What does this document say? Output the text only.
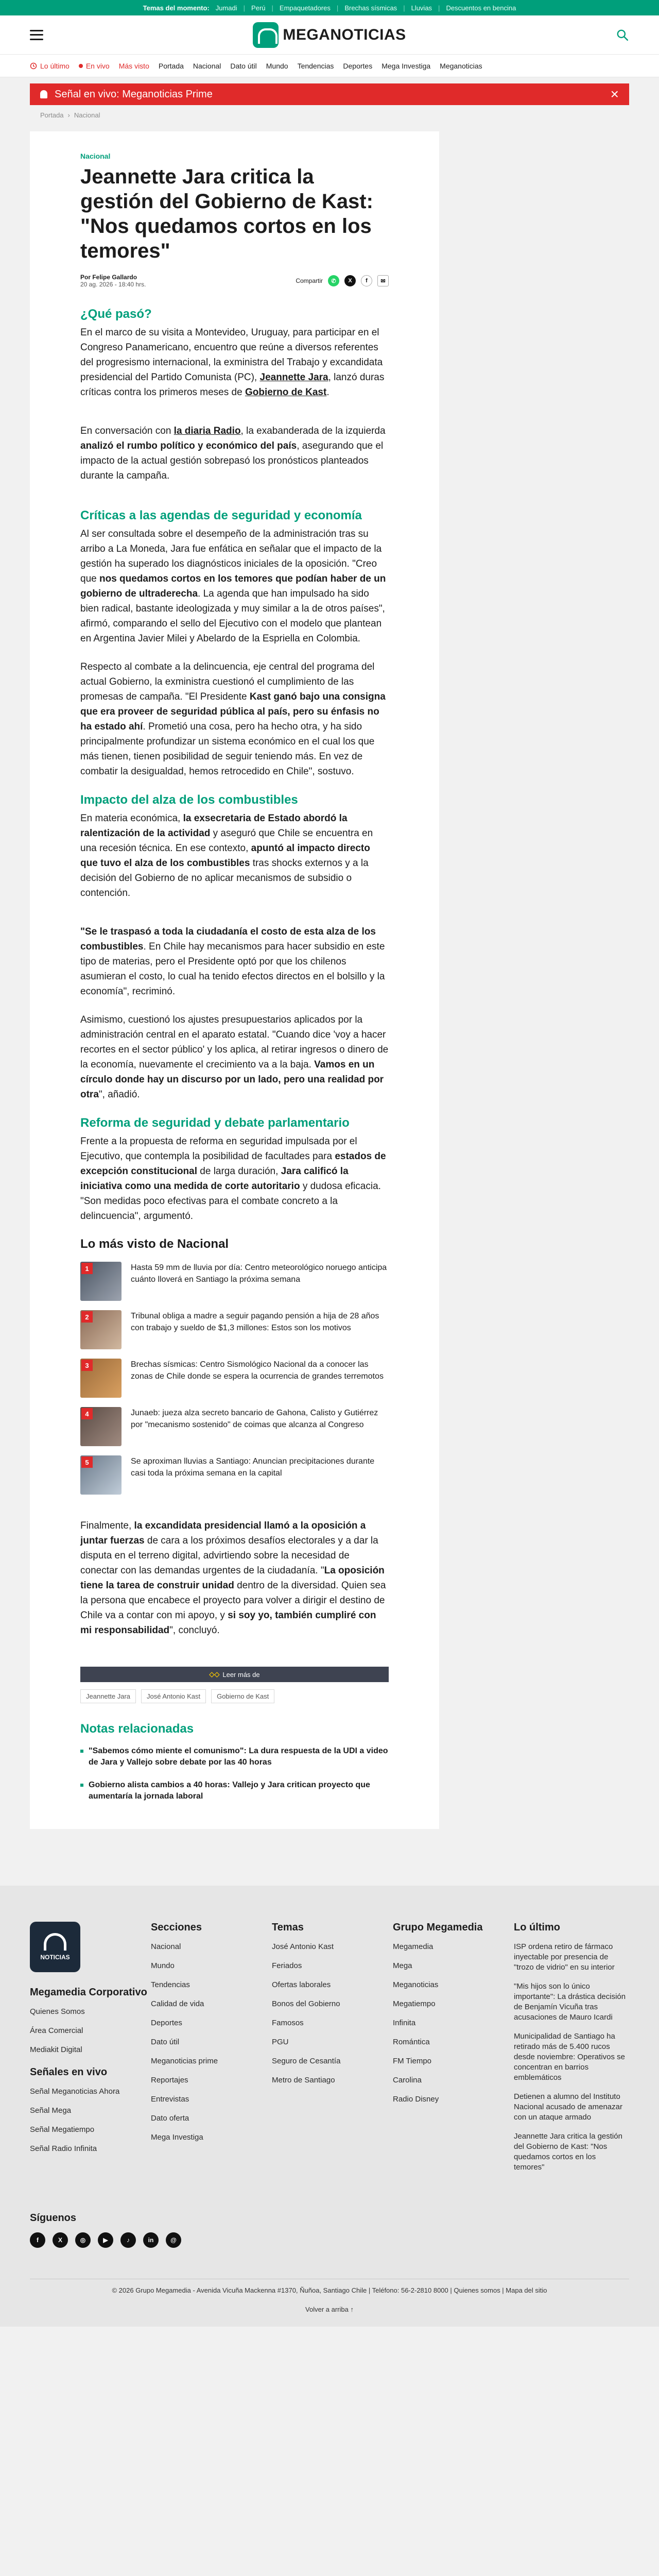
Temas del momento: Jumadi | Perú | Empaquetadores | Brechas sísmicas | Lluvias | Descuentos en bencina
MEGANOTICIAS
Lo último En vivo Más visto Portada Nacional Dato útil Mundo Tendencias Deportes Mega Investiga Meganoticias
Señal en vivo: Meganoticias Prime	×
Portada › Nacional
Nacional
Jeannette Jara critica la gestión del Gobierno de Kast: "Nos quedamos cortos en los temores"
Por Felipe Gallardo
20 ag. 2026 - 18:40 hrs.	Compartir	✆	X	f	✉
¿Qué pasó?

En el marco de su visita a Montevideo, Uruguay, para participar en el Congreso Panamericano, encuentro que reúne a diversos referentes del progresismo internacional, la exministra del Trabajo y excandidata presidencial del Partido Comunista (PC), Jeannette Jara, lanzó duras críticas contra los primeros meses de Gobierno de Kast.

En conversación con la diaria Radio, la exabanderada de la izquierda analizó el rumbo político y económico del país, asegurando que el impacto de la actual gestión sobrepasó los pronósticos planteados durante la campaña.

Críticas a las agendas de seguridad y economía

Al ser consultada sobre el desempeño de la administración tras su arribo a La Moneda, Jara fue enfática en señalar que el impacto de la gestión ha superado los diagnósticos iniciales de la oposición. "Creo que nos quedamos cortos en los temores que podían haber de un gobierno de ultraderecha. La agenda que han impulsado ha sido bien radical, bastante ideologizada y muy similar a la de otros países", afirmó, comparando el sello del Ejecutivo con el modelo que plantean en Argentina Javier Milei y Abelardo de la Espriella en Colombia.

Respecto al combate a la delincuencia, eje central del programa del actual Gobierno, la exministra cuestionó el cumplimiento de las promesas de campaña. "El Presidente Kast ganó bajo una consigna que era proveer de seguridad pública al país, pero su énfasis no ha estado ahí. Prometió una cosa, pero ha hecho otra, y ha sido principalmente profundizar un sistema económico en el cual los que más tienen, tienen posibilidad de seguir teniendo más. En vez de combatir la desigualdad, hemos retrocedido en Chile", sostuvo.

Impacto del alza de los combustibles

En materia económica, la exsecretaria de Estado abordó la ralentización de la actividad y aseguró que Chile se encuentra en una recesión técnica. En ese contexto, apuntó al impacto directo que tuvo el alza de los combustibles tras shocks externos y a la decisión del Gobierno de no aplicar mecanismos de subsidio o contención.

"Se le traspasó a toda la ciudadanía el costo de esta alza de los combustibles. En Chile hay mecanismos para hacer subsidio en este tipo de materias, pero el Presidente optó por que los chilenos asumieran el costo, lo cual ha tenido efectos directos en el bolsillo y la economía", recriminó.

Asimismo, cuestionó los ajustes presupuestarios aplicados por la administración central en el aparato estatal. "Cuando dice 'voy a hacer recortes en el sector público' y los aplica, al retirar ingresos o dinero de la economía, nuevamente el crecimiento va a la baja. Vamos en un círculo donde hay un discurso por un lado, pero una realidad por otra", añadió.

Reforma de seguridad y debate parlamentario

Frente a la propuesta de reforma en seguridad impulsada por el Ejecutivo, que contempla la posibilidad de facultades para estados de excepción constitucional de larga duración, Jara calificó la iniciativa como una medida de corte autoritario y dudosa eficacia. "Son medidas poco efectivas para el combate concreto a la delincuencia", argumentó.

Lo más visto de Nacional
1	Hasta 59 mm de lluvia por día: Centro meteorológico noruego anticipa cuánto lloverá en Santiago la próxima semana
2	Tribunal obliga a madre a seguir pagando pensión a hija de 28 años con trabajo y sueldo de $1,3 millones: Estos son los motivos
3	Brechas sísmicas: Centro Sismológico Nacional da a conocer las zonas de Chile donde se espera la ocurrencia de grandes terremotos
4	Junaeb: jueza alza secreto bancario de Gahona, Calisto y Gutiérrez por "mecanismo sostenido" de coimas que alcanza al Congreso
5	Se aproximan lluvias a Santiago: Anuncian precipitaciones durante casi toda la próxima semana en la capital

Finalmente, la excandidata presidencial llamó a la oposición a juntar fuerzas de cara a los próximos desafíos electorales y a dar la disputa en el terreno digital, advirtiendo sobre la necesidad de conectar con las demandas urgentes de la ciudadanía. "La oposición tiene la tarea de construir unidad dentro de la diversidad. Quien sea la persona que encabece el proyecto para volver a dirigir el destino de Chile va a contar con mi apoyo, y si soy yo, también cumpliré con mi responsabilidad", concluyó.

◇◇ Leer más de
Jeannette Jara	José Antonio Kast	Gobierno de Kast
Notas relacionadas
"Sabemos cómo miente el comunismo": La dura respuesta de la UDI a video de Jara y Vallejo sobre debate por las 40 horas
Gobierno alista cambios a 40 horas: Vallejo y Jara critican proyecto que aumentaría la jornada laboral
NOTICIAS
Megamedia Corporativo
Quienes Somos
Área Comercial
Mediakit Digital
Señales en vivo
Señal Meganoticias Ahora
Señal Mega
Señal Megatiempo
Señal Radio Infinita
Secciones
Nacional
Mundo
Tendencias
Calidad de vida
Deportes
Dato útil
Meganoticias prime
Reportajes
Entrevistas
Dato oferta
Mega Investiga
Temas
José Antonio Kast
Feriados
Ofertas laborales
Bonos del Gobierno
Famosos
PGU
Seguro de Cesantía
Metro de Santiago
Grupo Megamedia
Megamedia
Mega
Meganoticias
Megatiempo
Infinita
Romántica
FM Tiempo
Carolina
Radio Disney
Lo último
ISP ordena retiro de fármaco inyectable por presencia de "trozo de vidrio" en su interior
"Mis hijos son lo único importante": La drástica decisión de Benjamín Vicuña tras acusaciones de Mauro Icardi
Municipalidad de Santiago ha retirado más de 5.400 rucos desde noviembre: Operativos se concentran en barrios emblemáticos
Detienen a alumno del Instituto Nacional acusado de amenazar con un ataque armado
Jeannette Jara critica la gestión del Gobierno de Kast: "Nos quedamos cortos en los temores"
Síguenos
f	X	◎	▶	♪	in	@
© 2026 Grupo Megamedia - Avenida Vicuña Mackenna #1370, Ñuñoa, Santiago Chile | Teléfono: 56-2-2810 8000 | Quienes somos | Mapa del sitio
Volver a arriba ↑
